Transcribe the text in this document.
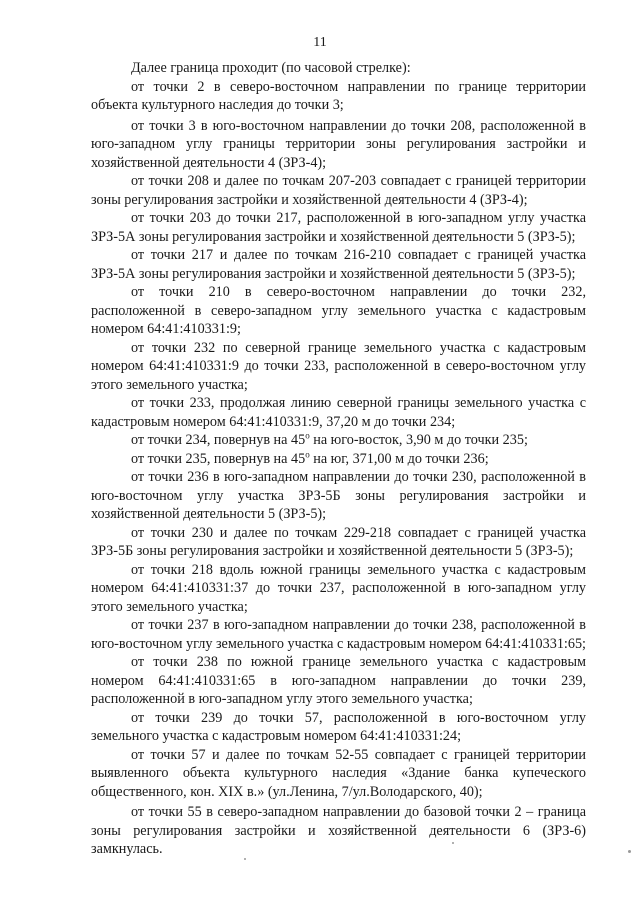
11

Далее граница проходит (по часовой стрелке):

от точки 2 в северо-восточном направлении по границе территории объекта культурного наследия до точки 3;

от точки 3 в юго-восточном направлении до точки 208, расположенной в юго-западном углу границы территории зоны регулирования застройки и хозяйственной деятельности 4 (ЗРЗ-4);

от точки 208 и далее по точкам 207-203 совпадает с границей территории зоны регулирования застройки и хозяйственной деятельности 4 (ЗРЗ-4);

от точки 203 до точки 217, расположенной в юго-западном углу участка ЗРЗ-5А зоны регулирования застройки и хозяйственной деятельности 5 (ЗРЗ-5);

от точки 217 и далее по точкам 216-210 совпадает с границей участка ЗРЗ-5А зоны регулирования застройки и хозяйственной деятельности 5 (ЗРЗ-5);

от точки 210 в северо-восточном направлении до точки 232, расположенной в северо-западном углу земельного участка с кадастровым номером 64:41:410331:9;

от точки 232 по северной границе земельного участка с кадастровым номером 64:41:410331:9 до точки 233, расположенной в северо-восточном углу этого земельного участка;

от точки 233, продолжая линию северной границы земельного участка с кадастровым номером 64:41:410331:9, 37,20 м до точки 234;

от точки 234, повернув на 45$^o$ на юго-восток, 3,90 м до точки 235;

от точки 235, повернув на 45$^o$ на юг, 371,00 м до точки 236;

от точки 236 в юго-западном направлении до точки 230, расположенной в юго-восточном углу участка ЗРЗ-5Б зоны регулирования застройки и хозяйственной деятельности 5 (ЗРЗ-5);

от точки 230 и далее по точкам 229-218 совпадает с границей участка ЗРЗ-5Б зоны регулирования застройки и хозяйственной деятельности 5 (ЗРЗ-5);

от точки 218 вдоль южной границы земельного участка с кадастровым номером 64:41:410331:37 до точки 237, расположенной в юго-западном углу этого земельного участка;

от точки 237 в юго-западном направлении до точки 238, расположенной в юго-восточном углу земельного участка с кадастровым номером 64:41:410331:65;

от точки 238 по южной границе земельного участка с кадастровым номером 64:41:410331:65 в юго-западном направлении до точки 239, расположенной в юго-западном углу этого земельного участка;

от точки 239 до точки 57, расположенной в юго-восточном углу земельного участка с кадастровым номером 64:41:410331:24;

от точки 57 и далее по точкам 52-55 совпадает с границей территории выявленного объекта культурного наследия «Здание банка купеческого общественного, кон. XIX в.» (ул.Ленина, 7/ул.Володарского, 40);

от точки 55 в северо-западном направлении до базовой точки 2 – граница зоны регулирования застройки и хозяйственной деятельности 6 (ЗРЗ-6) замкнулась.
